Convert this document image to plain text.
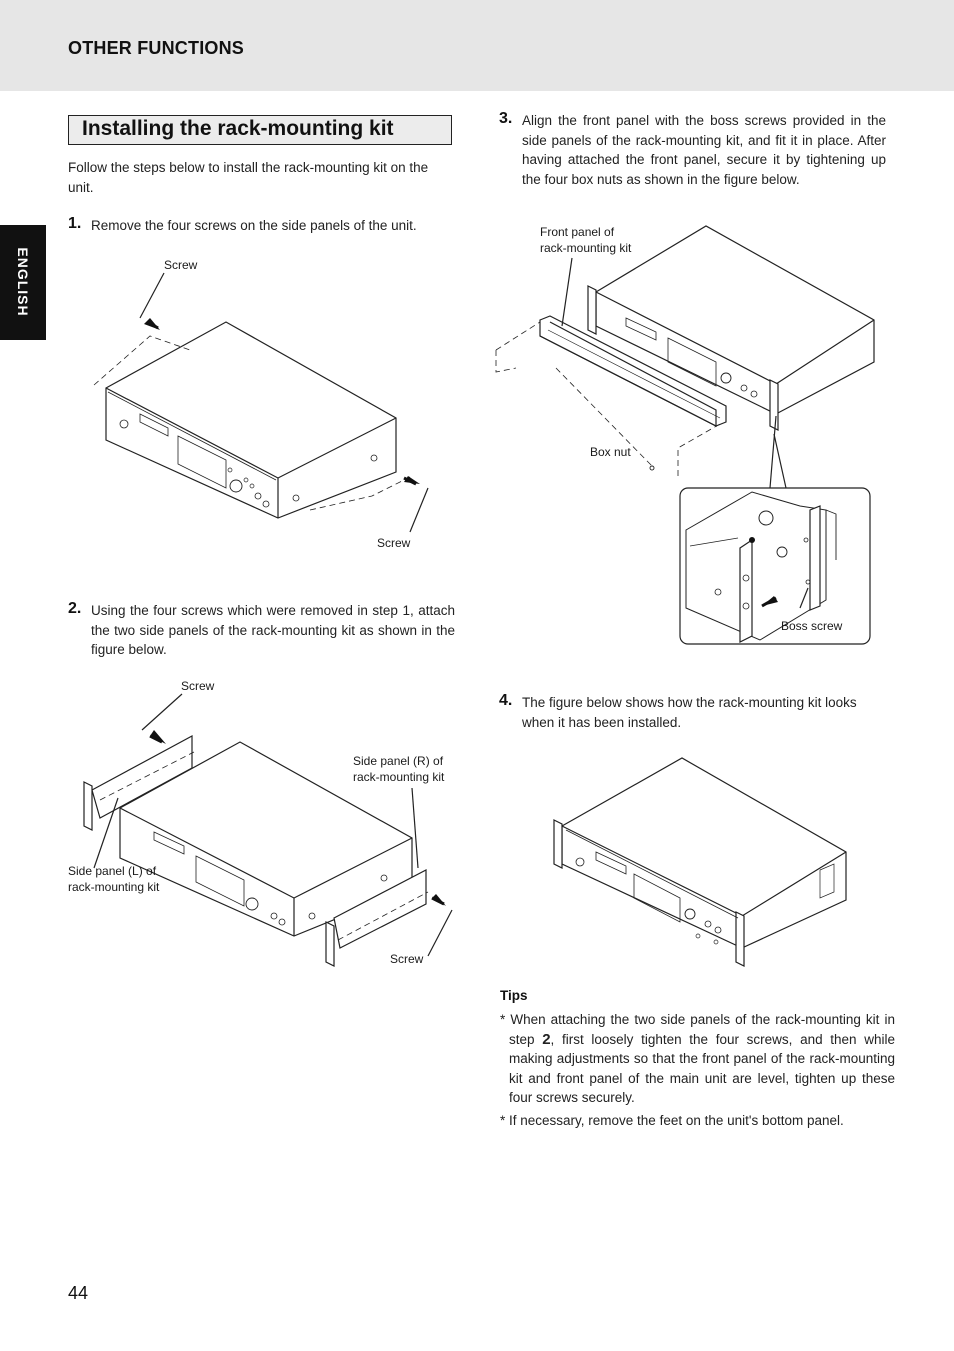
OTHER FUNCTIONS
ENGLISH
Installing the rack-mounting kit
Follow the steps below to install the rack-mounting kit on the unit.
1. Remove the four screws on the side panels of the unit.
2. Using the four screws which were removed in step 1, attach the two side panels of the rack-mounting kit as shown in the figure below.
3. Align the front panel with the boss screws provided in the side panels of the rack-mounting kit, and fit it in place. After having attached the front panel, secure it by tightening up the four box nuts as shown in the figure below.
4. The figure below shows how the rack-mounting kit looks when it has been installed.
Screw
Screw
Screw
Side panel (R) of
rack-mounting kit
Side panel (L) of
rack-mounting kit
Screw
Front panel of
rack-mounting kit
Box nut
Boss screw
Tips
* When attaching the two side panels of the rack-mounting kit in step 2, first loosely tighten the four screws, and then while making adjustments so that the front panel of the rack-mounting kit and front panel of the main unit are level, tighten up these four screws securely.
* If necessary, remove the feet on the unit's bottom panel.
44
